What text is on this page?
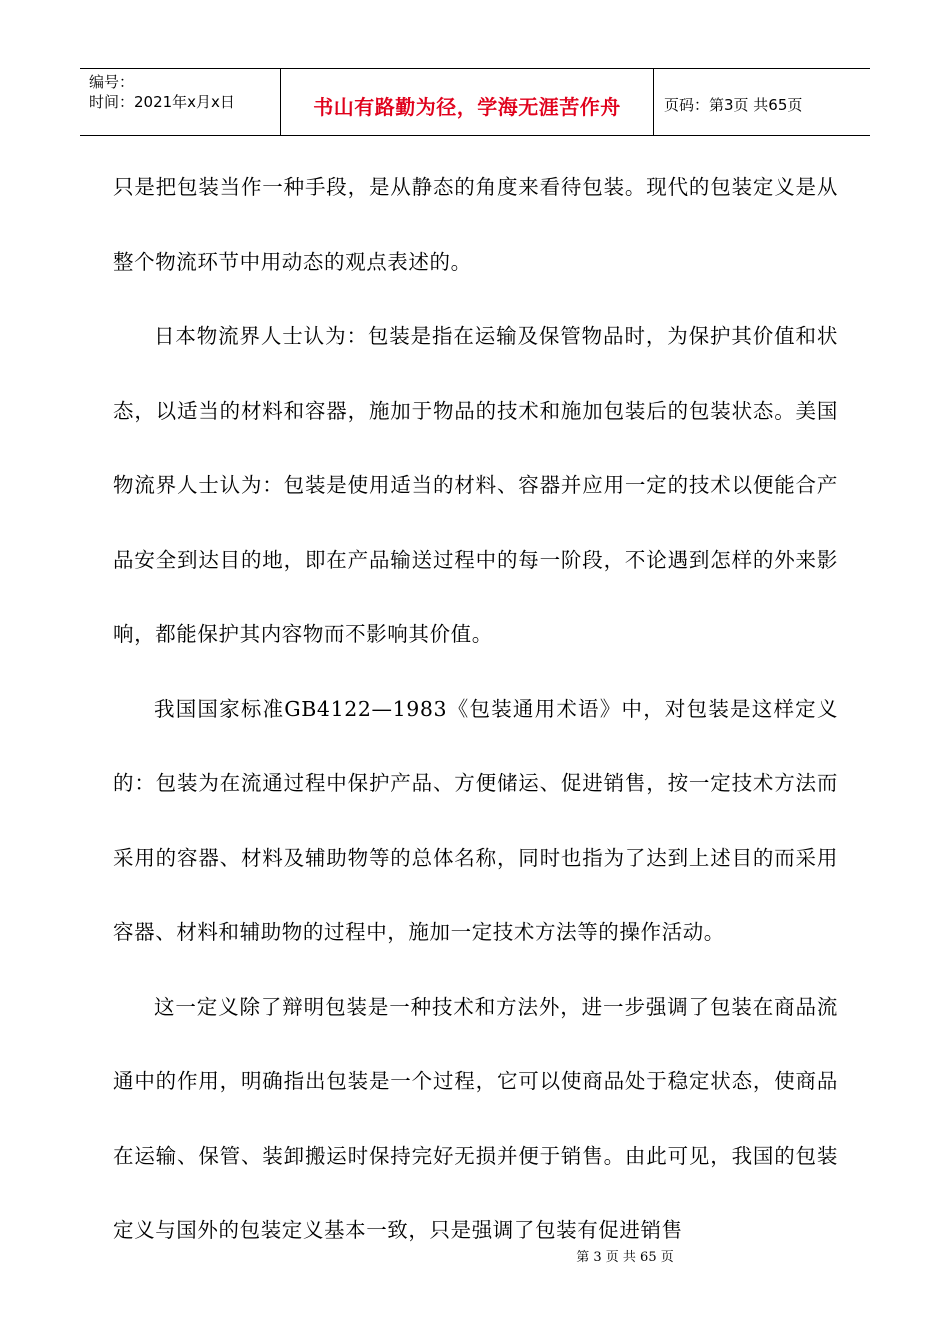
编号：
时间：2021年x月x日	书山有路勤为径，学海无涯苦作舟	页码：第3页 共65页

只是把包装当作一种手段，是从静态的角度来看待包装。现代的包装定义是从整个物流环节中用动态的观点表述的。

日本物流界人士认为：包装是指在运输及保管物品时，为保护其价值和状态，以适当的材料和容器，施加于物品的技术和施加包装后的包装状态。美国物流界人士认为：包装是使用适当的材料、容器并应用一定的技术以便能合产品安全到达目的地，即在产品输送过程中的每一阶段，不论遇到怎样的外来影响，都能保护其内容物而不影响其价值。

我国国家标准GB4122—1983《包装通用术语》中，对包装是这样定义的：包装为在流通过程中保护产品、方便储运、促进销售，按一定技术方法而采用的容器、材料及辅助物等的总体名称，同时也指为了达到上述目的而采用容器、材料和辅助物的过程中，施加一定技术方法等的操作活动。

这一定义除了辩明包装是一种技术和方法外，进一步强调了包装在商品流通中的作用，明确指出包装是一个过程，它可以使商品处于稳定状态，使商品在运输、保管、装卸搬运时保持完好无损并便于销售。由此可见，我国的包装定义与国外的包装定义基本一致，只是强调了包装有促进销售

第 3 页 共 65 页
